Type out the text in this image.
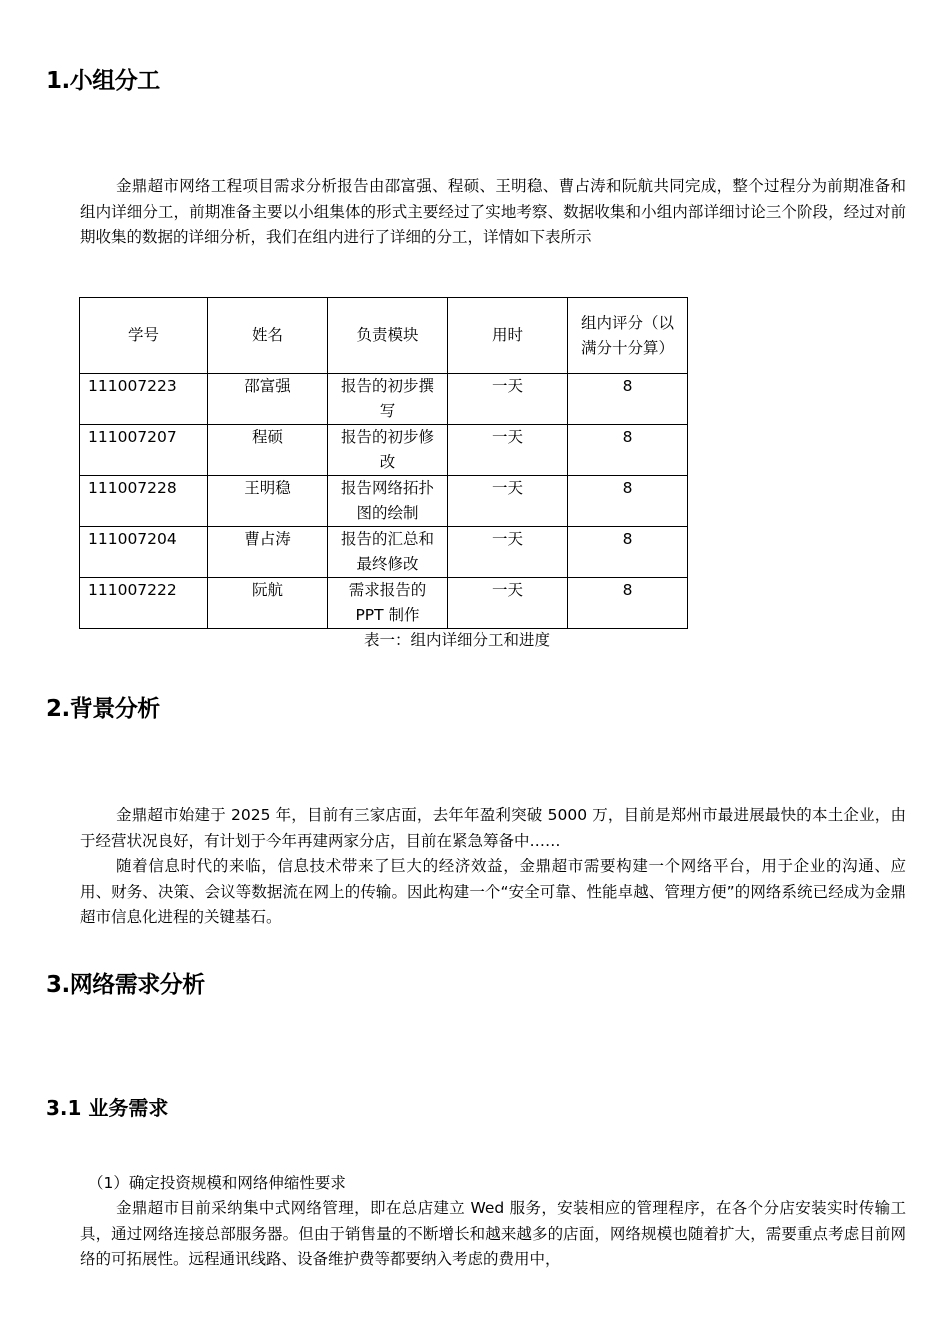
1.小组分工

金鼎超市网络工程项目需求分析报告由邵富强、程硕、王明稳、曹占涛和阮航共同完成，整个过程分为前期准备和组内详细分工，前期准备主要以小组集体的形式主要经过了实地考察、数据收集和小组内部详细讨论三个阶段，经过对前期收集的数据的详细分析，我们在组内进行了详细的分工，详情如下表所示

学号	姓名	负责模块	用时	组内评分（以满分十分算）
111007223	邵富强	报告的初步撰写	一天	8
111007207	程硕	报告的初步修改	一天	8
111007228	王明稳	报告网络拓扑图的绘制	一天	8
111007204	曹占涛	报告的汇总和最终修改	一天	8
111007222	阮航	需求报告的 PPT 制作	一天	8

表一：组内详细分工和进度

2.背景分析

金鼎超市始建于 2025 年，目前有三家店面，去年年盈利突破 5000 万，目前是郑州市最进展最快的本土企业，由于经营状况良好，有计划于今年再建两家分店，目前在紧急筹备中……

随着信息时代的来临，信息技术带来了巨大的经济效益，金鼎超市需要构建一个网络平台，用于企业的沟通、应用、财务、决策、会议等数据流在网上的传输。因此构建一个“安全可靠、性能卓越、管理方便”的网络系统已经成为金鼎超市信息化进程的关键基石。

3.网络需求分析
3.1 业务需求

（1）确定投资规模和网络伸缩性要求

金鼎超市目前采纳集中式网络管理，即在总店建立 Wed 服务，安装相应的管理程序，在各个分店安装实时传输工具，通过网络连接总部服务器。但由于销售量的不断增长和越来越多的店面，网络规模也随着扩大，需要重点考虑目前网络的可拓展性。远程通讯线路、设备维护费等都要纳入考虑的费用中，
